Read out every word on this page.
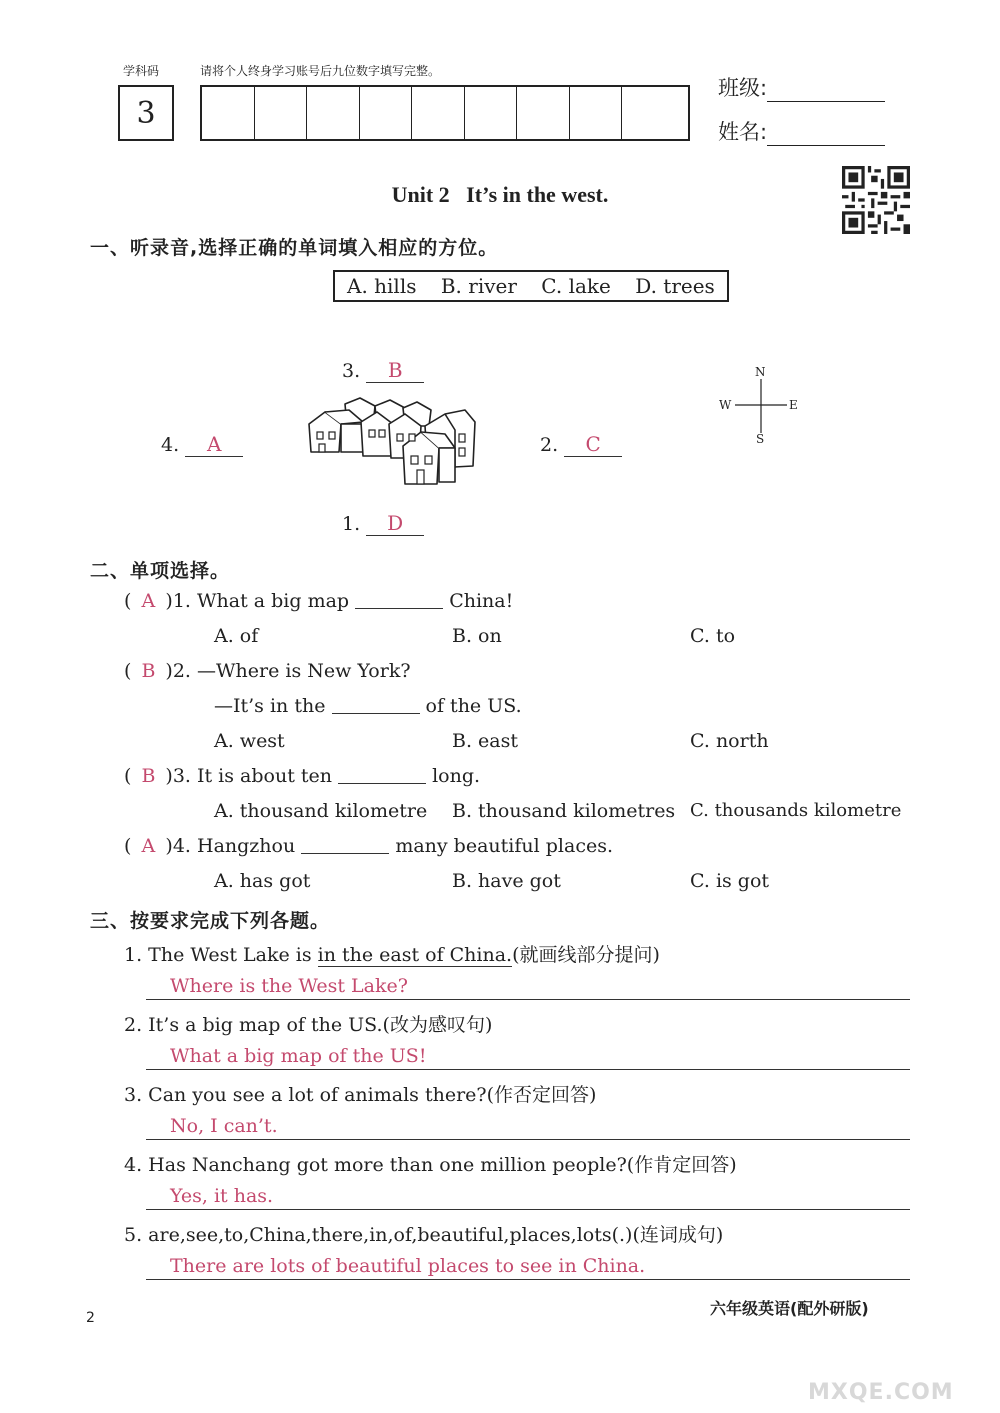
学科码	请将个人终身学习账号后九位数字填写完整。
3
班级:
姓名:
Unit 2   It’s in the west.
一、听录音,选择正确的单词填入相应的方位。
A. hills B. river C. lake D. trees
3. B
4. A	2. C
1. D
N
S
W	E
二、单项选择。
( A )1. What a big map	China!
A. of	B. on	C. to
( B )2. —Where is New York?
—It’s in the	of the US.
A. west	B. east	C. north
( B )3. It is about ten	long.
A. thousand kilometre B. thousand kilometres C. thousands kilometre
( A )4. Hangzhou	many beautiful places.
A. has got	B. have got	C. is got
三、按要求完成下列各题。
1. The West Lake is in the east of China.(就画线部分提问)
Where is the West Lake?
2. It’s a big map of the US.(改为感叹句)
What a big map of the US!
3. Can you see a lot of animals there?(作否定回答)
No, I can’t.
4. Has Nanchang got more than one million people?(作肯定回答)
Yes, it has.
5. are,see,to,China,there,in,of,beautiful,places,lots(.)(连词成句)
There are lots of beautiful places to see in China.
2	六年级英语(配外研版)
MXQE.COM
